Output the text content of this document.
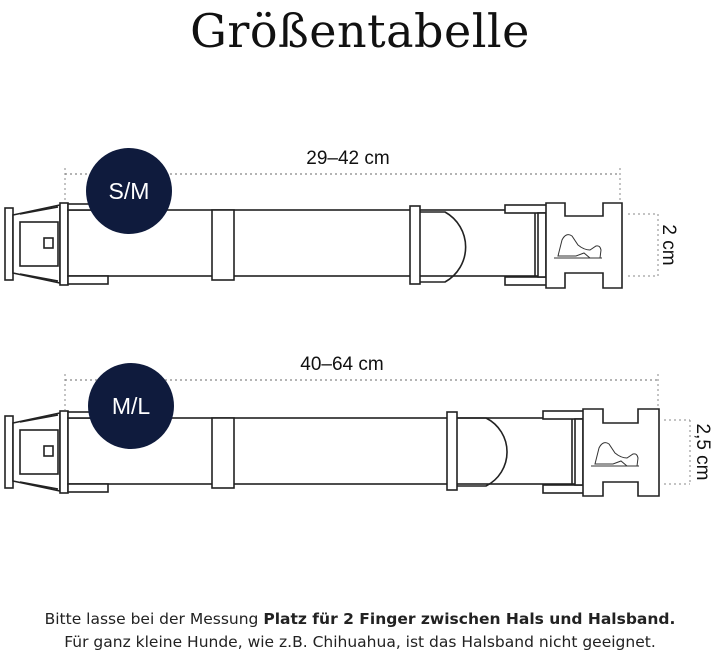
Größentabelle
29–42 cm
2 cm
S/M
40–64 cm
2,5 cm
M/L
Bitte lasse bei der Messung Platz für 2 Finger zwischen Hals und Halsband.
Für ganz kleine Hunde, wie z.B. Chihuahua, ist das Halsband nicht geeignet.
